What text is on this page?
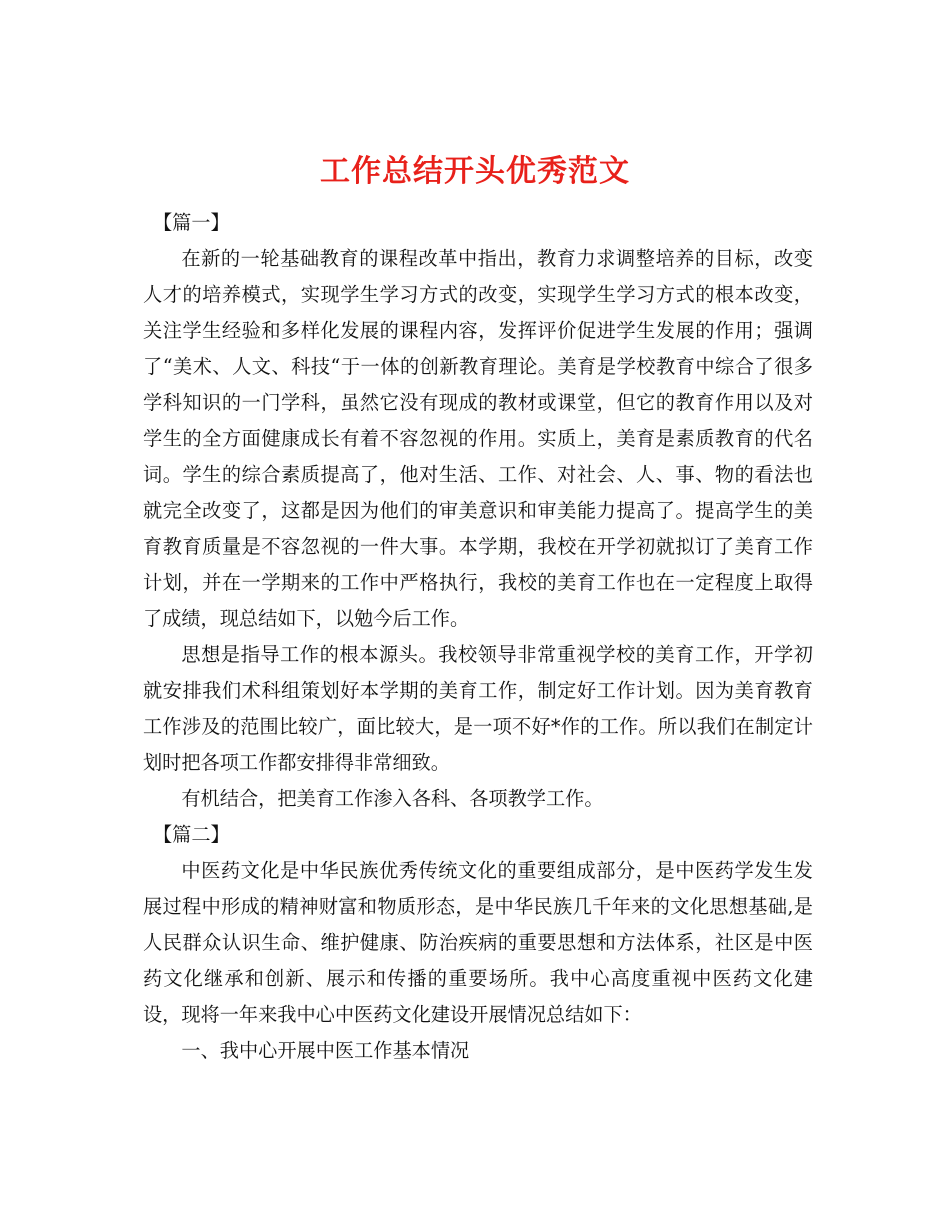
工作总结开头优秀范文
【篇一】

在新的一轮基础教育的课程改革中指出，教育力求调整培养的目标，改变人才的培养模式，实现学生学习方式的改变，实现学生学习方式的根本改变，关注学生经验和多样化发展的课程内容，发挥评价促进学生发展的作用；强调了“美术、人文、科技“于一体的创新教育理论。美育是学校教育中综合了很多学科知识的一门学科，虽然它没有现成的教材或课堂，但它的教育作用以及对学生的全方面健康成长有着不容忽视的作用。实质上，美育是素质教育的代名词。学生的综合素质提高了，他对生活、工作、对社会、人、事、物的看法也就完全改变了，这都是因为他们的审美意识和审美能力提高了。提高学生的美育教育质量是不容忽视的一件大事。本学期，我校在开学初就拟订了美育工作计划，并在一学期来的工作中严格执行，我校的美育工作也在一定程度上取得了成绩，现总结如下，以勉今后工作。

思想是指导工作的根本源头。我校领导非常重视学校的美育工作，开学初就安排我们术科组策划好本学期的美育工作，制定好工作计划。因为美育教育工作涉及的范围比较广，面比较大，是一项不好*作的工作。所以我们在制定计划时把各项工作都安排得非常细致。

有机结合，把美育工作渗入各科、各项教学工作。

【篇二】

中医药文化是中华民族优秀传统文化的重要组成部分，是中医药学发生发展过程中形成的精神财富和物质形态，是中华民族几千年来的文化思想基础,是人民群众认识生命、维护健康、防治疾病的重要思想和方法体系，社区是中医药文化继承和创新、展示和传播的重要场所。我中心高度重视中医药文化建设，现将一年来我中心中医药文化建设开展情况总结如下：

一、我中心开展中医工作基本情况
